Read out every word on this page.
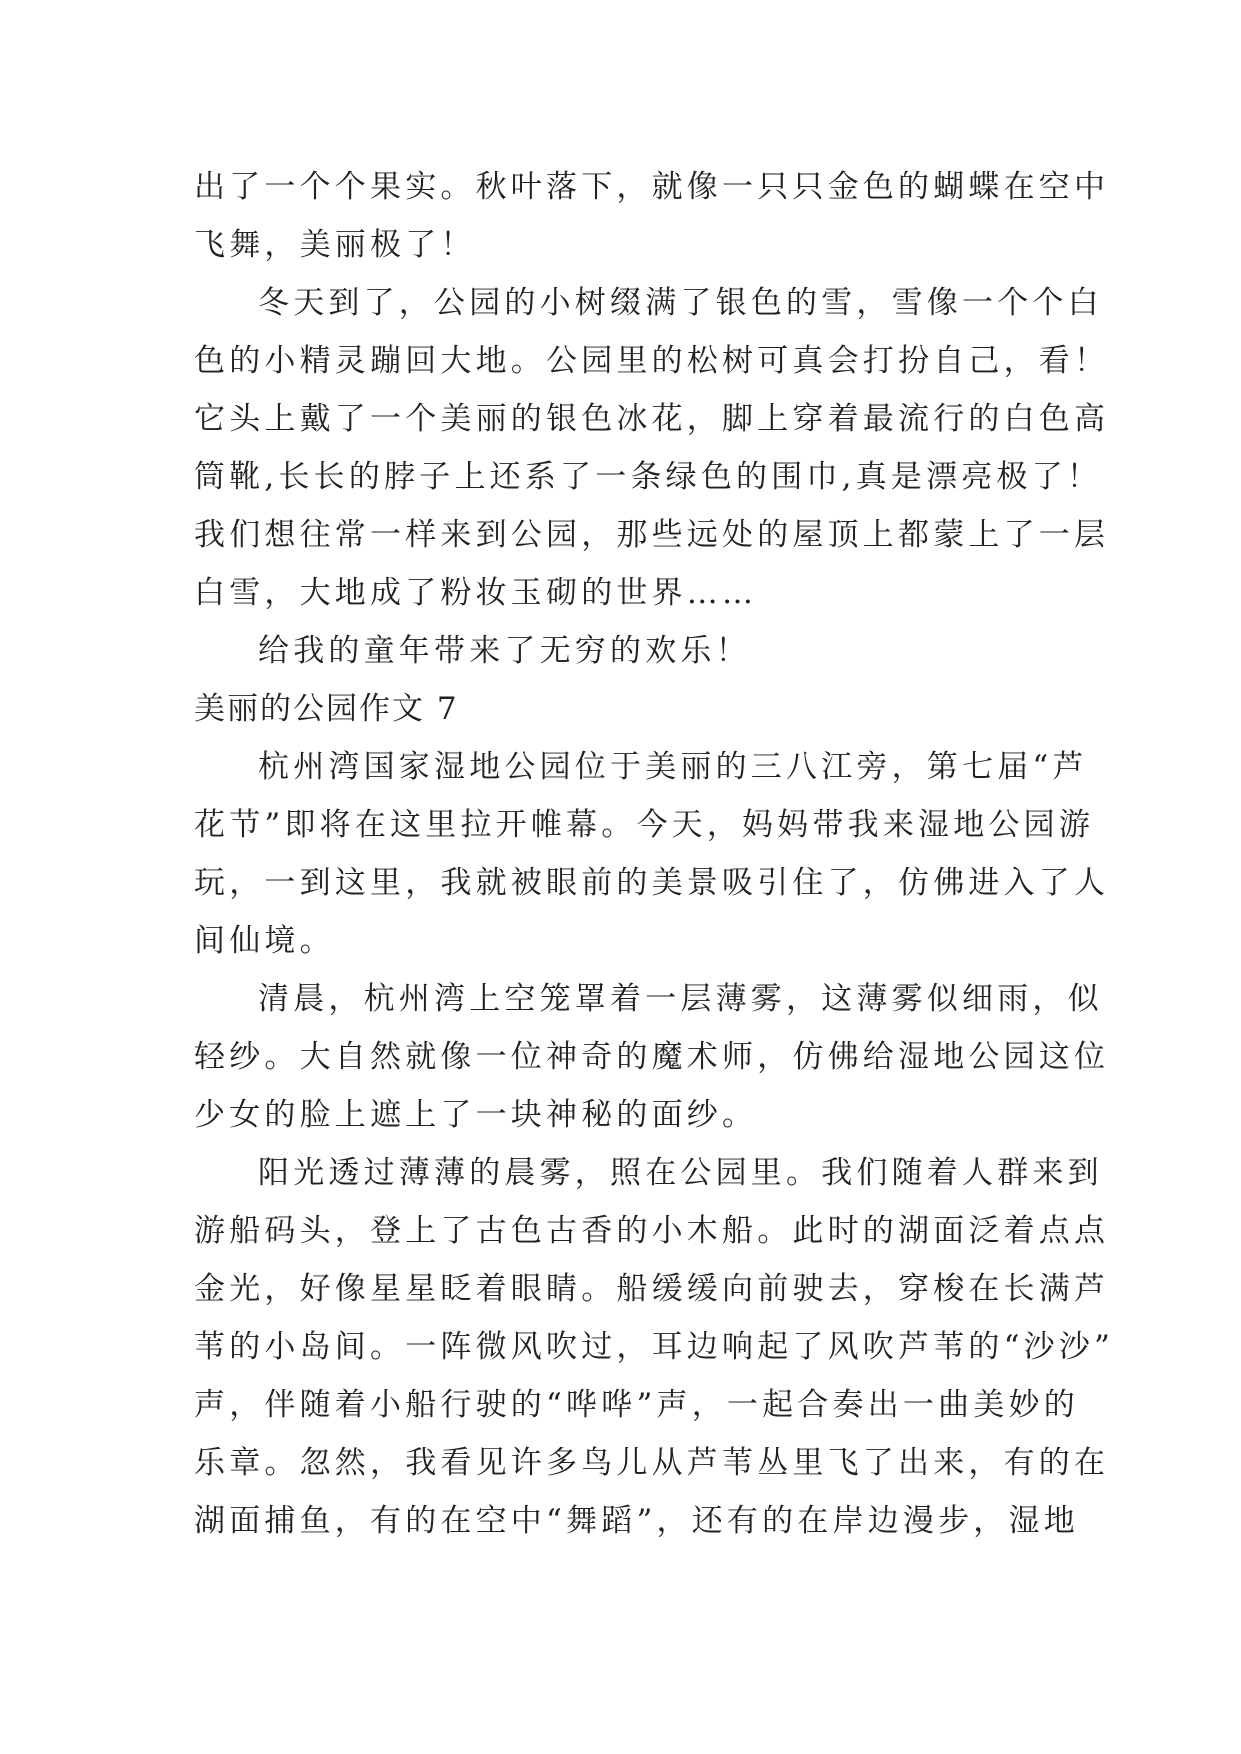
出了一个个果实。秋叶落下，就像一只只金色的蝴蝶在空中
飞舞，美丽极了！
冬天到了，公园的小树缀满了银色的雪，雪像一个个白
色的小精灵蹦回大地。公园里的松树可真会打扮自己，看！
它头上戴了一个美丽的银色冰花，脚上穿着最流行的白色高
筒靴,长长的脖子上还系了一条绿色的围巾,真是漂亮极了！
我们想往常一样来到公园，那些远处的屋顶上都蒙上了一层
白雪，大地成了粉妆玉砌的世界……
给我的童年带来了无穷的欢乐！
美丽的公园作文 7
杭州湾国家湿地公园位于美丽的三八江旁，第七届“芦
花节”即将在这里拉开帷幕。今天，妈妈带我来湿地公园游
玩，一到这里，我就被眼前的美景吸引住了，仿佛进入了人
间仙境。
清晨，杭州湾上空笼罩着一层薄雾，这薄雾似细雨，似
轻纱。大自然就像一位神奇的魔术师，仿佛给湿地公园这位
少女的脸上遮上了一块神秘的面纱。
阳光透过薄薄的晨雾，照在公园里。我们随着人群来到
游船码头，登上了古色古香的小木船。此时的湖面泛着点点
金光，好像星星眨着眼睛。船缓缓向前驶去，穿梭在长满芦
苇的小岛间。一阵微风吹过，耳边响起了风吹芦苇的“沙沙”
声，伴随着小船行驶的“哗哗”声，一起合奏出一曲美妙的
乐章。忽然，我看见许多鸟儿从芦苇丛里飞了出来，有的在
湖面捕鱼，有的在空中“舞蹈”，还有的在岸边漫步，湿地
